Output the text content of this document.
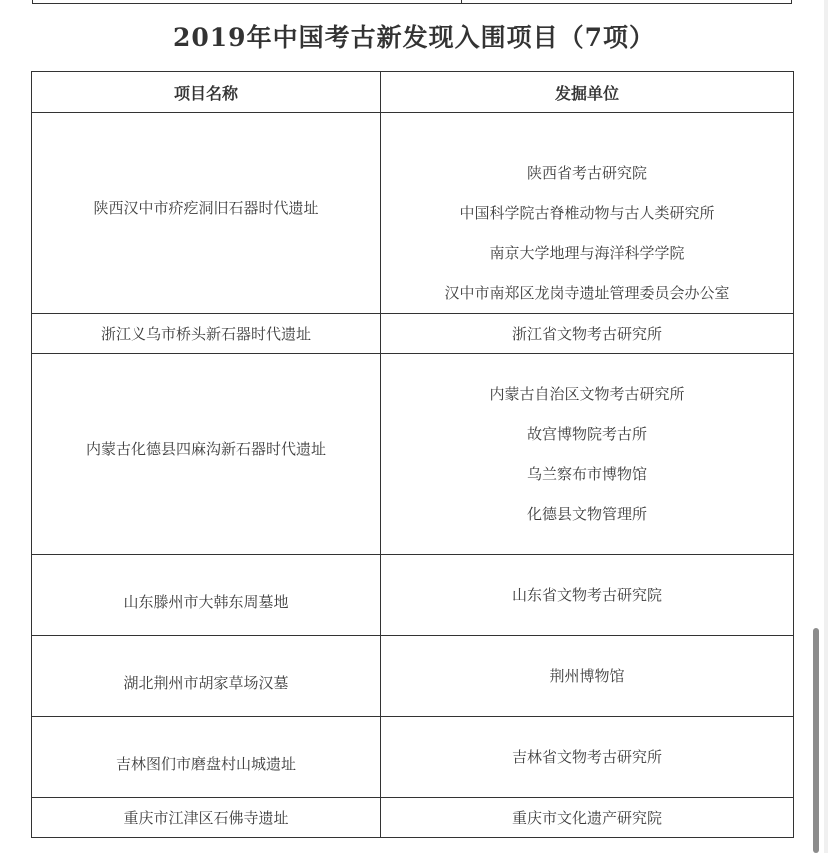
2019年中国考古新发现入围项目（7项）
项目名称	发掘单位
陕西汉中市疥疙洞旧石器时代遗址	陕西省考古研究院
中国科学院古脊椎动物与古人类研究所
南京大学地理与海洋科学学院
汉中市南郑区龙岗寺遗址管理委员会办公室

浙江义乌市桥头新石器时代遗址	浙江省文物考古研究所
内蒙古化德县四麻沟新石器时代遗址	内蒙古自治区文物考古研究所
故宫博物院考古所
乌兰察布市博物馆
化德县文物管理所

山东滕州市大韩东周墓地	山东省文物考古研究院

湖北荆州市胡家草场汉墓	荆州博物馆

吉林图们市磨盘村山城遗址	吉林省文物考古研究所

重庆市江津区石佛寺遗址	重庆市文化遗产研究院
